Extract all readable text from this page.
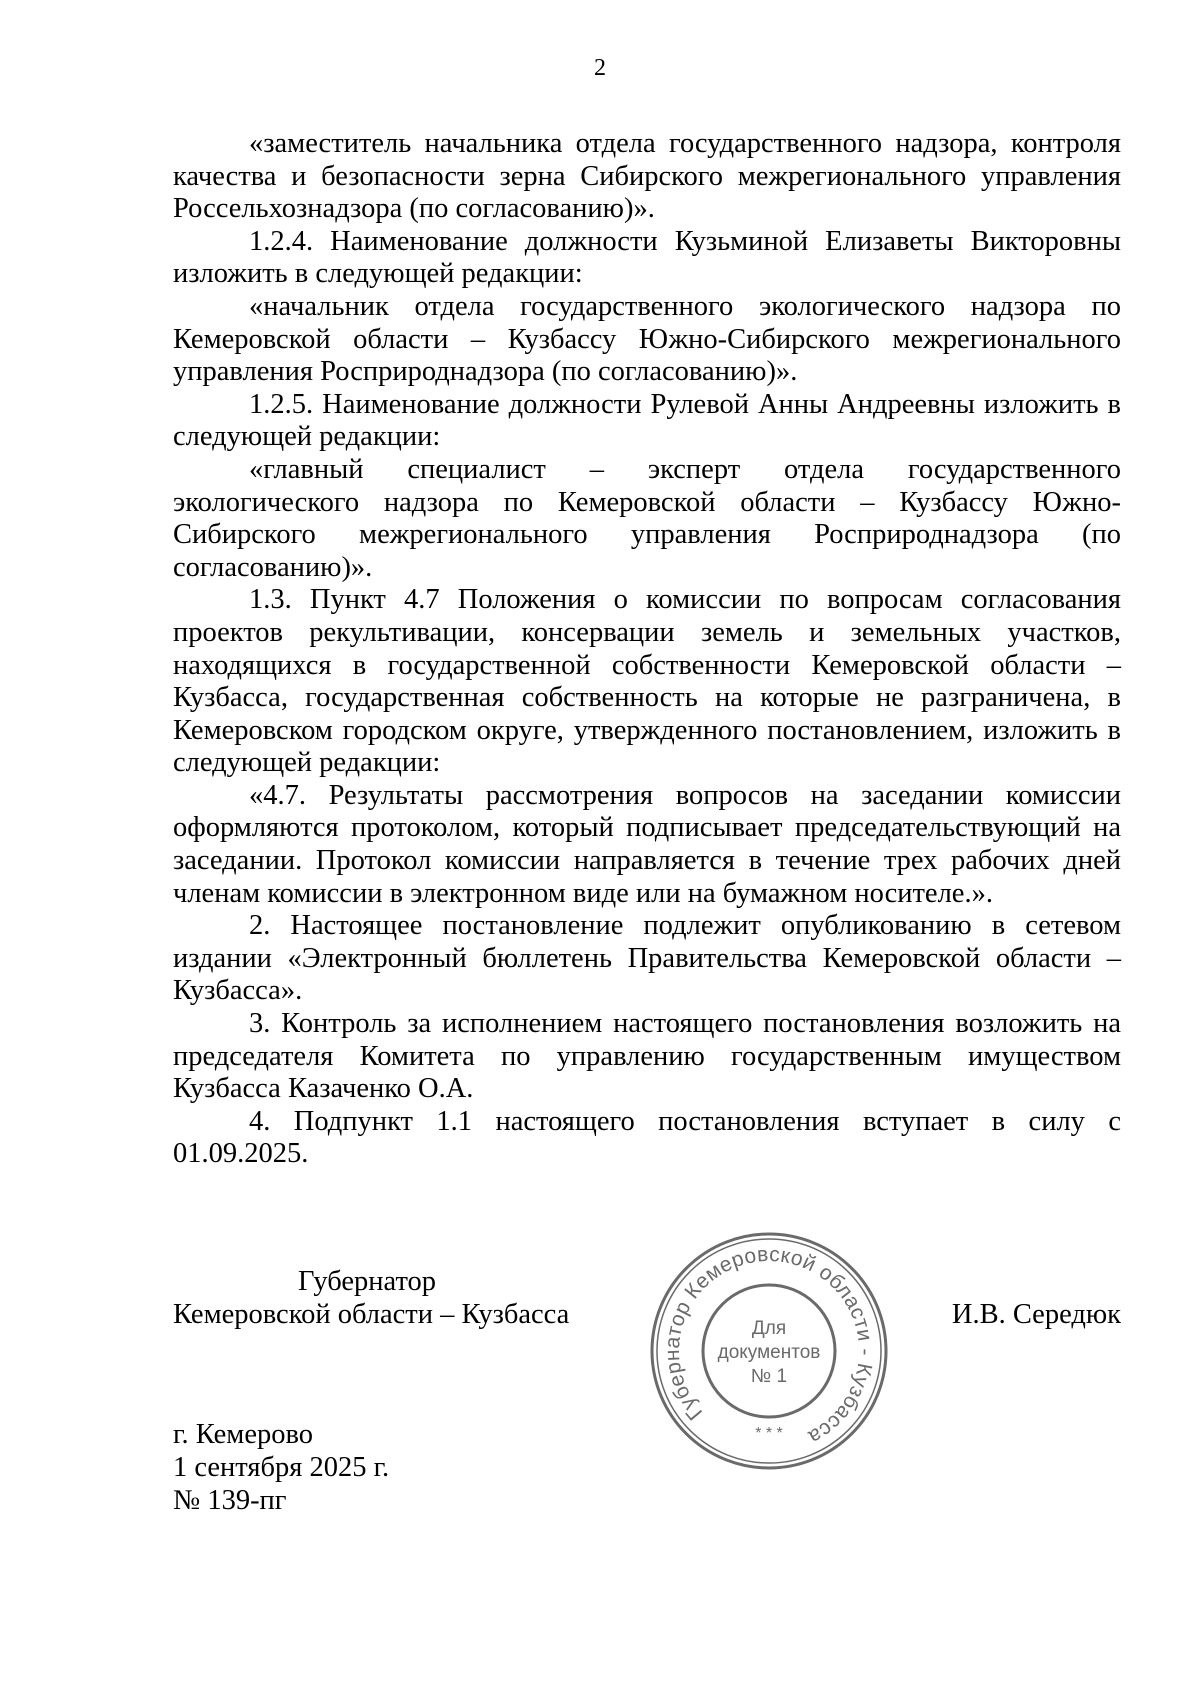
2

«заместитель начальника отдела государственного надзора, контроля качества и безопасности зерна Сибирского межрегионального управления Россельхознадзора (по согласованию)».

1.2.4. Наименование должности Кузьминой Елизаветы Викторовны изложить в следующей редакции:

«начальник отдела государственного экологического надзора по Кемеровской области – Кузбассу Южно-Сибирского межрегионального управления Росприроднадзора (по согласованию)».

1.2.5. Наименование должности Рулевой Анны Андреевны изложить в следующей редакции:

«главный специалист – эксперт отдела государственного экологического надзора по Кемеровской области – Кузбассу Южно-Сибирского межрегионального управления Росприроднадзора (по согласованию)».

1.3. Пункт 4.7 Положения о комиссии по вопросам согласования проектов рекультивации, консервации земель и земельных участков, находящихся в государственной собственности Кемеровской области – Кузбасса, государственная собственность на которые не разграничена, в Кемеровском городском округе, утвержденного постановлением, изложить в следующей редакции:

«4.7. Результаты рассмотрения вопросов на заседании комиссии оформляются протоколом, который подписывает председательствующий на заседании. Протокол комиссии направляется в течение трех рабочих дней членам комиссии в электронном виде или на бумажном носителе.».

2. Настоящее постановление подлежит опубликованию в сетевом издании «Электронный бюллетень Правительства Кемеровской области – Кузбасса».

3. Контроль за исполнением настоящего постановления возложить на председателя Комитета по управлению государственным имуществом Кузбасса Казаченко О.А.

4. Подпункт 1.1 настоящего постановления вступает в силу с 01.09.2025.

Губернатор
Кемеровской области – Кузбасса	И.В. Середюк
Губернатор Кемеровской области - Кузбасса
Для
документов
№ 1
* * *
г. Кемерово
1 сентября 2025 г.
№ 139-пг
